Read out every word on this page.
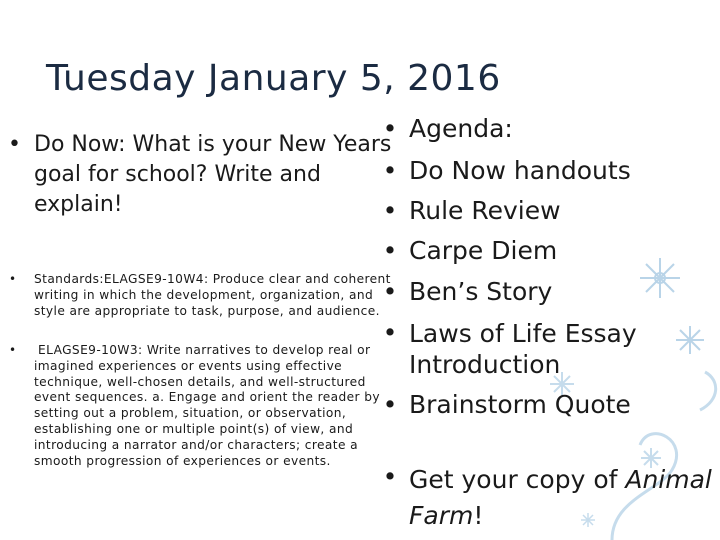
Tuesday January 5, 2016
• Do Now: What is your New Years goal for school? Write and explain!
• Standards:ELAGSE9-10W4: Produce clear and coherent writing in which the development, organization, and style are appropriate to task, purpose, and audience.
• ELAGSE9-10W3: Write narratives to develop real or imagined experiences or events using effective technique, well-chosen details, and well-structured event sequences. a. Engage and orient the reader by setting out a problem, situation, or observation, establishing one or multiple point(s) of view, and introducing a narrator and/or characters; create a smooth progression of experiences or events.
• Agenda:
• Do Now handouts
• Rule Review
• Carpe Diem
• Ben’s Story
• Laws of Life Essay Introduction
• Brainstorm Quote
• Get your copy of Animal Farm!
